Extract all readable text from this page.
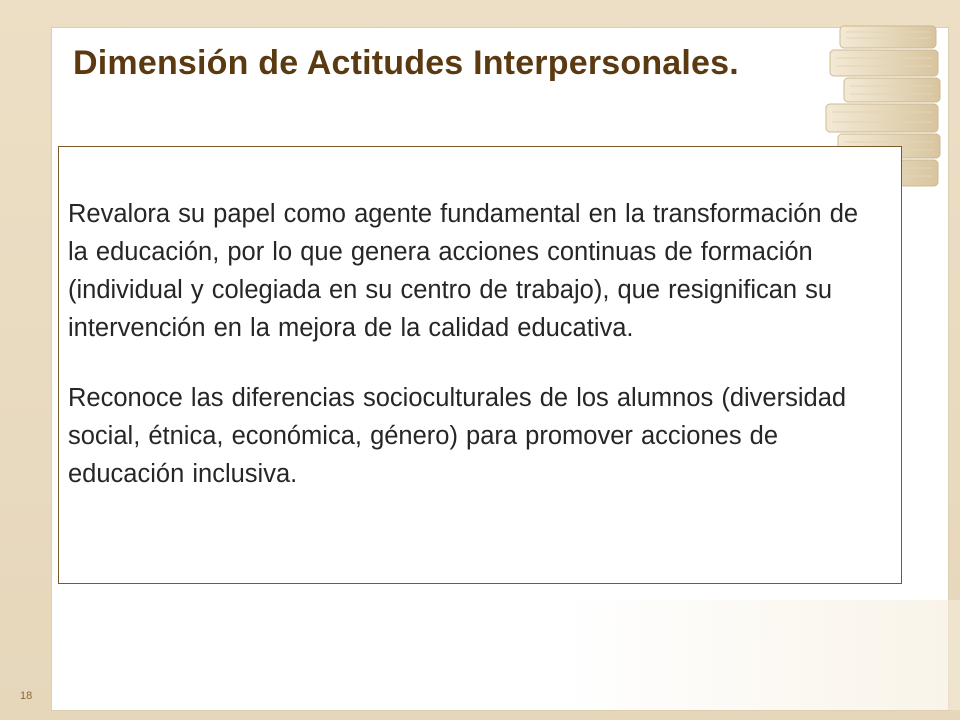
Dimensión de Actitudes Interpersonales.

Revalora su papel como agente fundamental en la transformación de la educación, por lo que genera acciones continuas de formación (individual y colegiada en su centro de trabajo), que resignifican su intervención en la mejora de la calidad educativa.

Reconoce las diferencias socioculturales de los alumnos (diversidad social, étnica, económica, género) para promover acciones de educación inclusiva.

18
